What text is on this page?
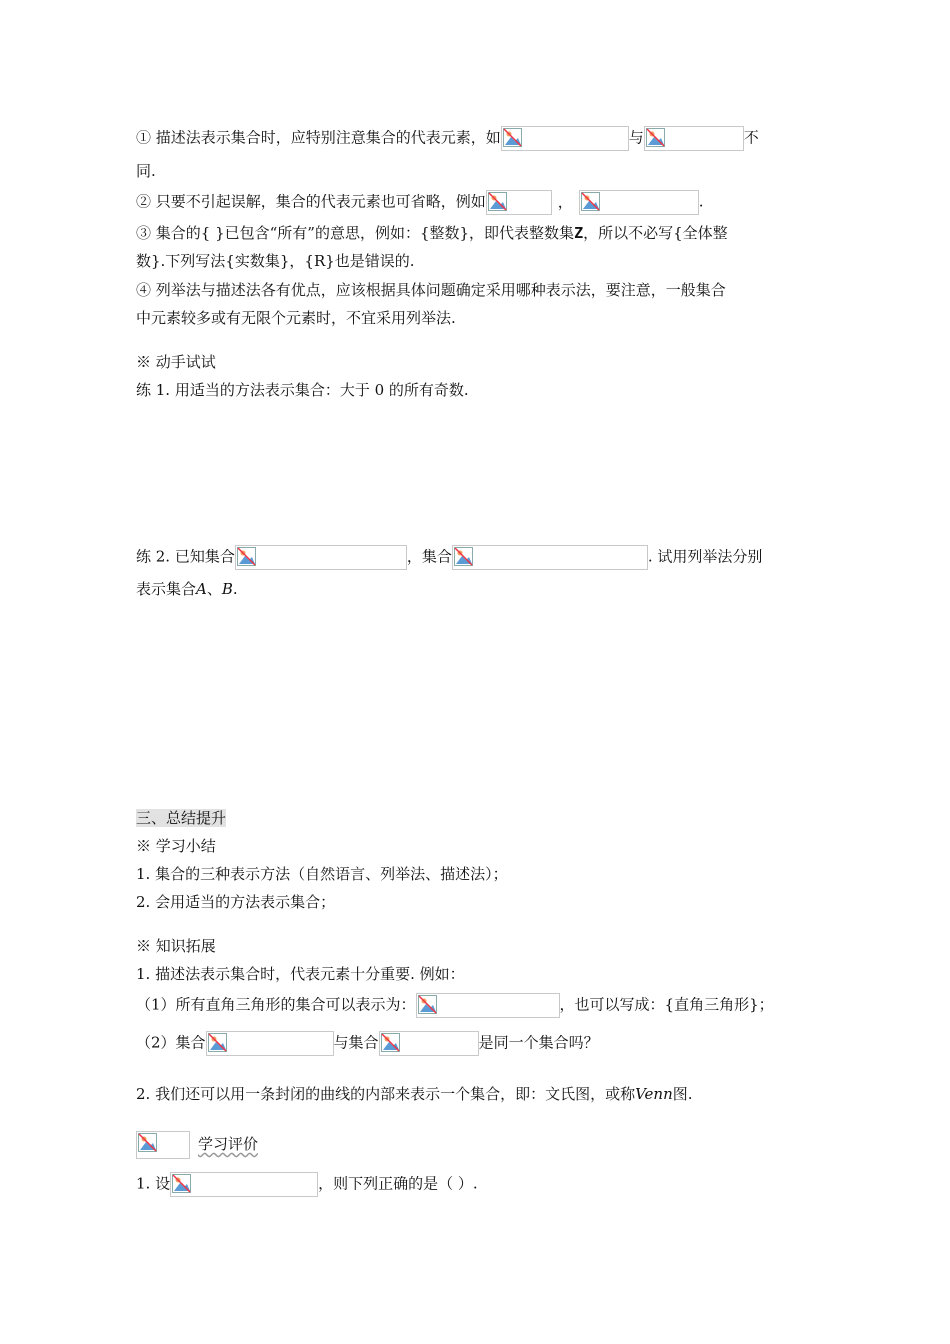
① 描述法表示集合时，应特别注意集合的代表元素，如	与	不
同.
② 只要不引起误解，集合的代表元素也可省略，例如	，	.
③ 集合的{ }已包含“所有”的意思，例如：{整数}，即代表整数集Z，所以不必写{全体整
数}.下列写法{实数集}，{R}也是错误的.
④ 列举法与描述法各有优点，应该根据具体问题确定采用哪种表示法，要注意，一般集合
中元素较多或有无限个元素时，不宜采用列举法.
※ 动手试试
练 1. 用适当的方法表示集合：大于 0 的所有奇数.
练 2. 已知集合	，集合	. 试用列举法分别
表示集合A、B.
三、总结提升
※ 学习小结
1. 集合的三种表示方法（自然语言、列举法、描述法）；
2. 会用适当的方法表示集合；
※ 知识拓展
1. 描述法表示集合时，代表元素十分重要. 例如：
（1）所有直角三角形的集合可以表示为：	，也可以写成：{直角三角形}；
（2）集合	与集合	是同一个集合吗？
2. 我们还可以用一条封闭的曲线的内部来表示一个集合，即：文氏图，或称Venn图.
学习评价
1. 设	，则下列正确的是（ ）.
